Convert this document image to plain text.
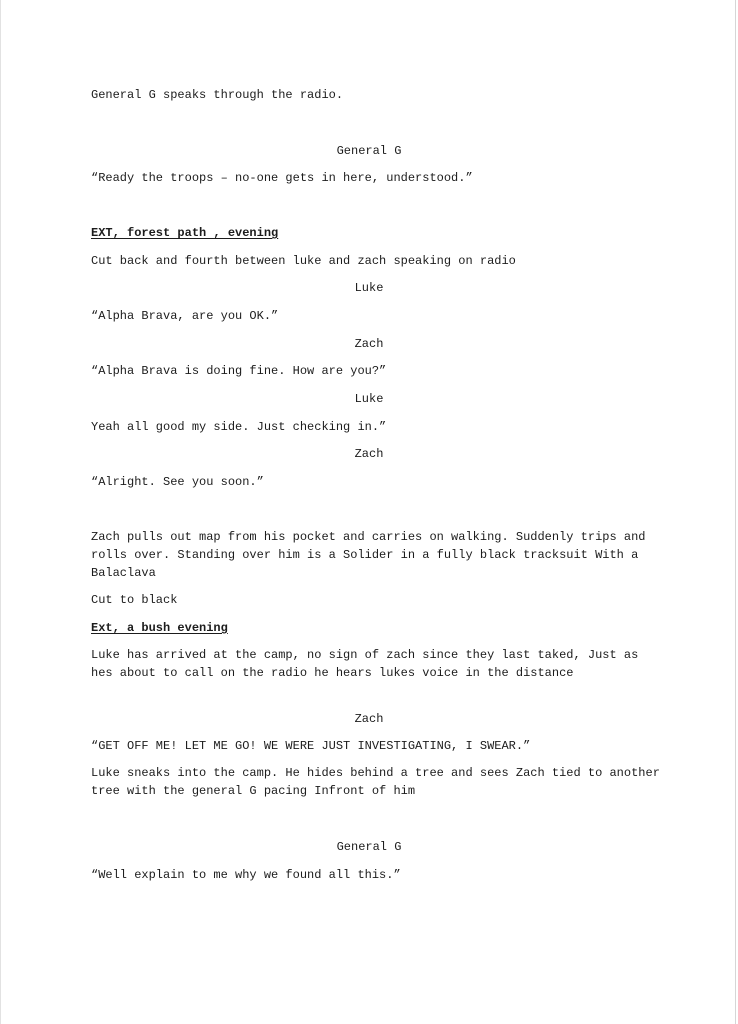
General G speaks through the radio.

General G

“Ready the troops – no-one gets in here, understood.”

EXT, forest path , evening

Cut back and fourth between luke and zach speaking on radio

Luke

“Alpha Brava, are you OK.”

Zach

“Alpha Brava is doing fine. How are you?”

Luke

Yeah all good my side. Just checking in.”

Zach

“Alright. See you soon.”

Zach pulls out map from his pocket and carries on walking. Suddenly trips and rolls over. Standing over him is a Solider in a fully black tracksuit With a Balaclava

Cut to black

Ext, a bush evening

Luke has arrived at the camp, no sign of zach since they last taked, Just as hes about to call on the radio he hears lukes voice in the distance

Zach

“GET OFF ME! LET ME GO! WE WERE JUST INVESTIGATING, I SWEAR.”

Luke sneaks into the camp. He hides behind a tree and sees Zach tied to another tree with the general G pacing Infront of him

General G

“Well explain to me why we found all this.”
